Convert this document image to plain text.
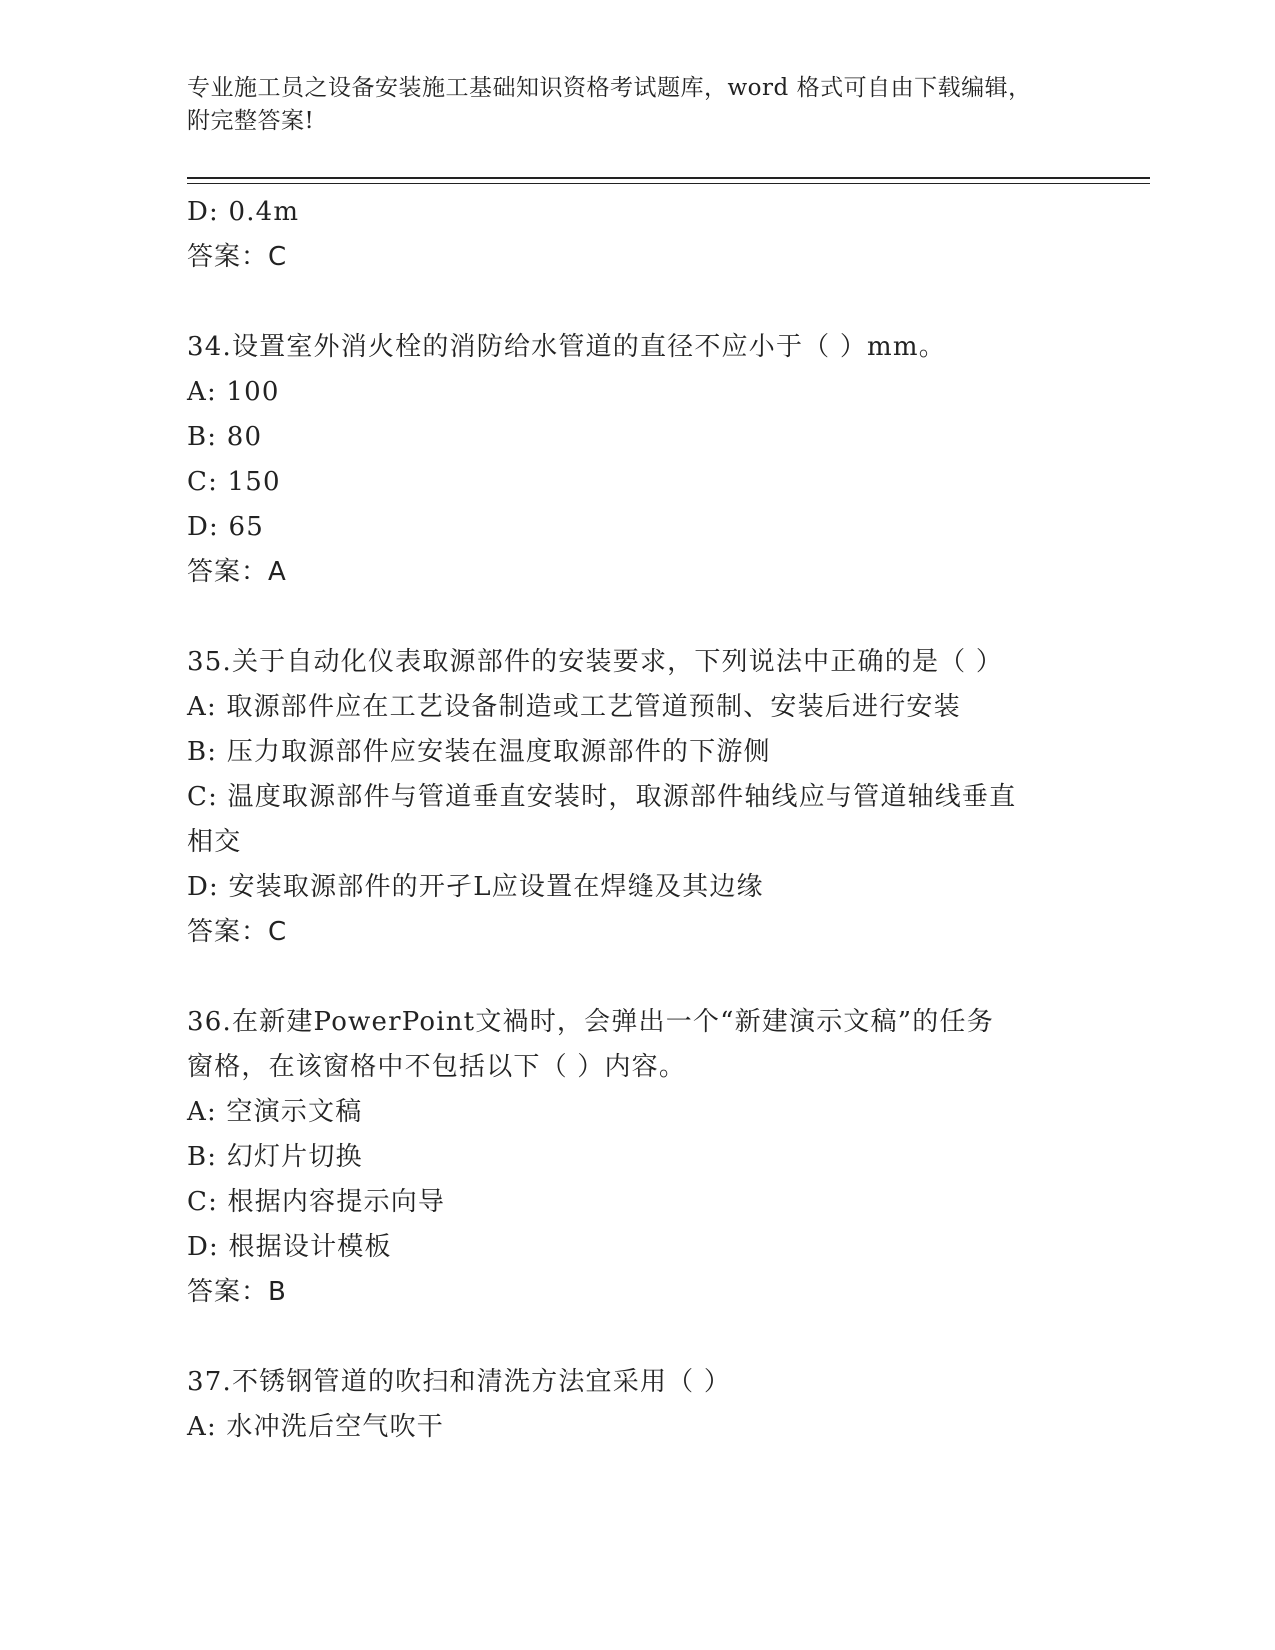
专业施工员之设备安装施工基础知识资格考试题库，word 格式可自由下载编辑，
附完整答案!
D: 0.4m
答案：C
34.设置室外消火栓的消防给水管道的直径不应小于（ ）mm。
A: 100
B: 80
C: 150
D: 65
答案：A
35.关于自动化仪表取源部件的安装要求，下列说法中正确的是（ ）
A: 取源部件应在工艺设备制造或工艺管道预制、安装后进行安装
B: 压力取源部件应安装在温度取源部件的下游侧
C: 温度取源部件与管道垂直安装时，取源部件轴线应与管道轴线垂直
相交
D: 安装取源部件的开孑L应设置在焊缝及其边缘
答案：C
36.在新建PowerPoint文禍时，会弹出一个“新建演示文稿”的任务
窗格，在该窗格中不包括以下（ ）内容。
A: 空演示文稿
B: 幻灯片切换
C: 根据内容提示向导
D: 根据设计模板
答案：B
37.不锈钢管道的吹扫和清洗方法宜采用（ ）
A: 水冲洗后空气吹干
